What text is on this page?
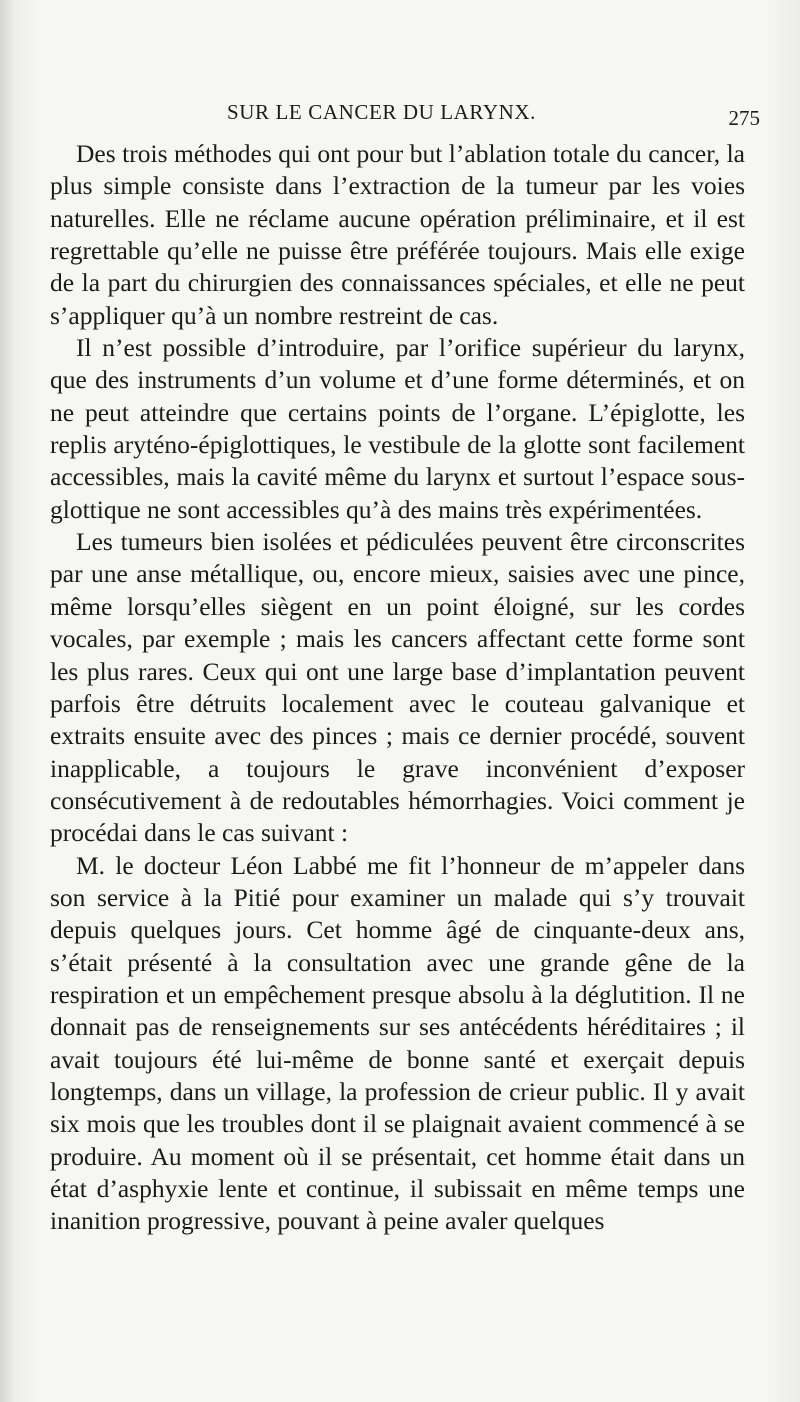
SUR LE CANCER DU LARYNX.	275

Des trois méthodes qui ont pour but l’ablation totale du cancer, la plus simple consiste dans l’extraction de la tumeur par les voies naturelles. Elle ne réclame aucune opération préliminaire, et il est regrettable qu’elle ne puisse être préférée toujours. Mais elle exige de la part du chirurgien des connaissances spéciales, et elle ne peut s’appliquer qu’à un nombre restreint de cas.

Il n’est possible d’introduire, par l’orifice supérieur du larynx, que des instruments d’un volume et d’une forme déterminés, et on ne peut atteindre que certains points de l’organe. L’épiglotte, les replis aryténo-épiglottiques, le vestibule de la glotte sont facilement accessibles, mais la cavité même du larynx et surtout l’espace sous-glottique ne sont accessibles qu’à des mains très expérimentées.

Les tumeurs bien isolées et pédiculées peuvent être circonscrites par une anse métallique, ou, encore mieux, saisies avec une pince, même lorsqu’elles siègent en un point éloigné, sur les cordes vocales, par exemple ; mais les cancers affectant cette forme sont les plus rares. Ceux qui ont une large base d’implantation peuvent parfois être détruits localement avec le couteau galvanique et extraits ensuite avec des pinces ; mais ce dernier procédé, souvent inapplicable, a toujours le grave inconvénient d’exposer consécutivement à de redoutables hémorrhagies. Voici comment je procédai dans le cas suivant :

M. le docteur Léon Labbé me fit l’honneur de m’appeler dans son service à la Pitié pour examiner un malade qui s’y trouvait depuis quelques jours. Cet homme âgé de cinquante-deux ans, s’était présenté à la consultation avec une grande gêne de la respiration et un empêchement presque absolu à la déglutition. Il ne donnait pas de renseignements sur ses antécédents héréditaires ; il avait toujours été lui-même de bonne santé et exerçait depuis longtemps, dans un village, la profession de crieur public. Il y avait six mois que les troubles dont il se plaignait avaient commencé à se produire. Au moment où il se présentait, cet homme était dans un état d’asphyxie lente et continue, il subissait en même temps une inanition progressive, pouvant à peine avaler quelques
